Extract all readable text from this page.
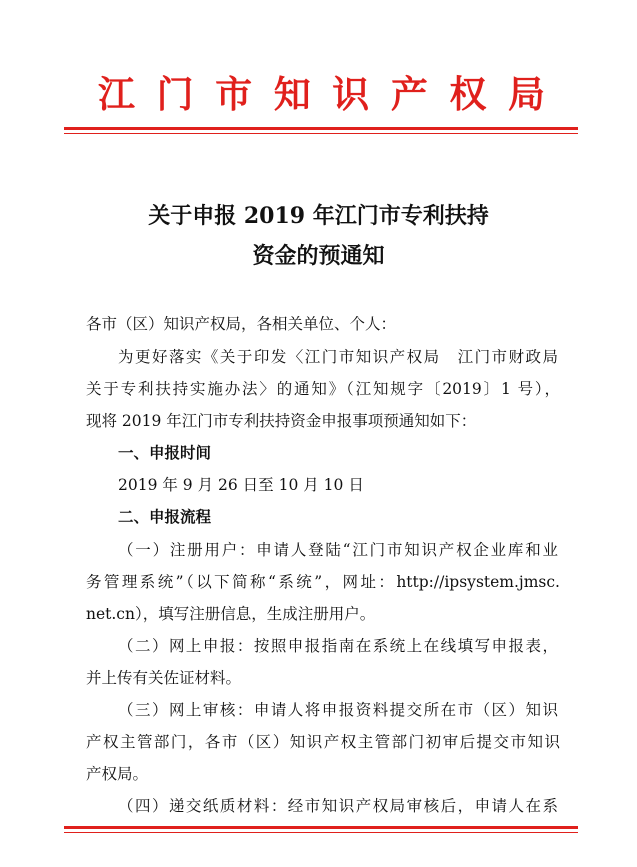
江 门 市 知 识 产 权 局
关于申报 2019 年江门市专利扶持
资金的预通知
各市（区）知识产权局，各相关单位、个人：
为更好落实《关于印发〈江门市知识产权局　江门市财政局
关于专利扶持实施办法〉的通知》（江知规字〔2019〕1 号），
现将 2019 年江门市专利扶持资金申报事项预通知如下：
一、申报时间
2019 年 9 月 26 日至 10 月 10 日
二、申报流程
（一）注册用户：申请人登陆“江门市知识产权企业库和业
务管理系统”（以下简称“系统”，网址：http://ipsystem.jmsc.
net.cn），填写注册信息，生成注册用户。
（二）网上申报：按照申报指南在系统上在线填写申报表，
并上传有关佐证材料。
（三）网上审核：申请人将申报资料提交所在市（区）知识
产权主管部门，各市（区）知识产权主管部门初审后提交市知识
产权局。
（四）递交纸质材料：经市知识产权局审核后，申请人在系
